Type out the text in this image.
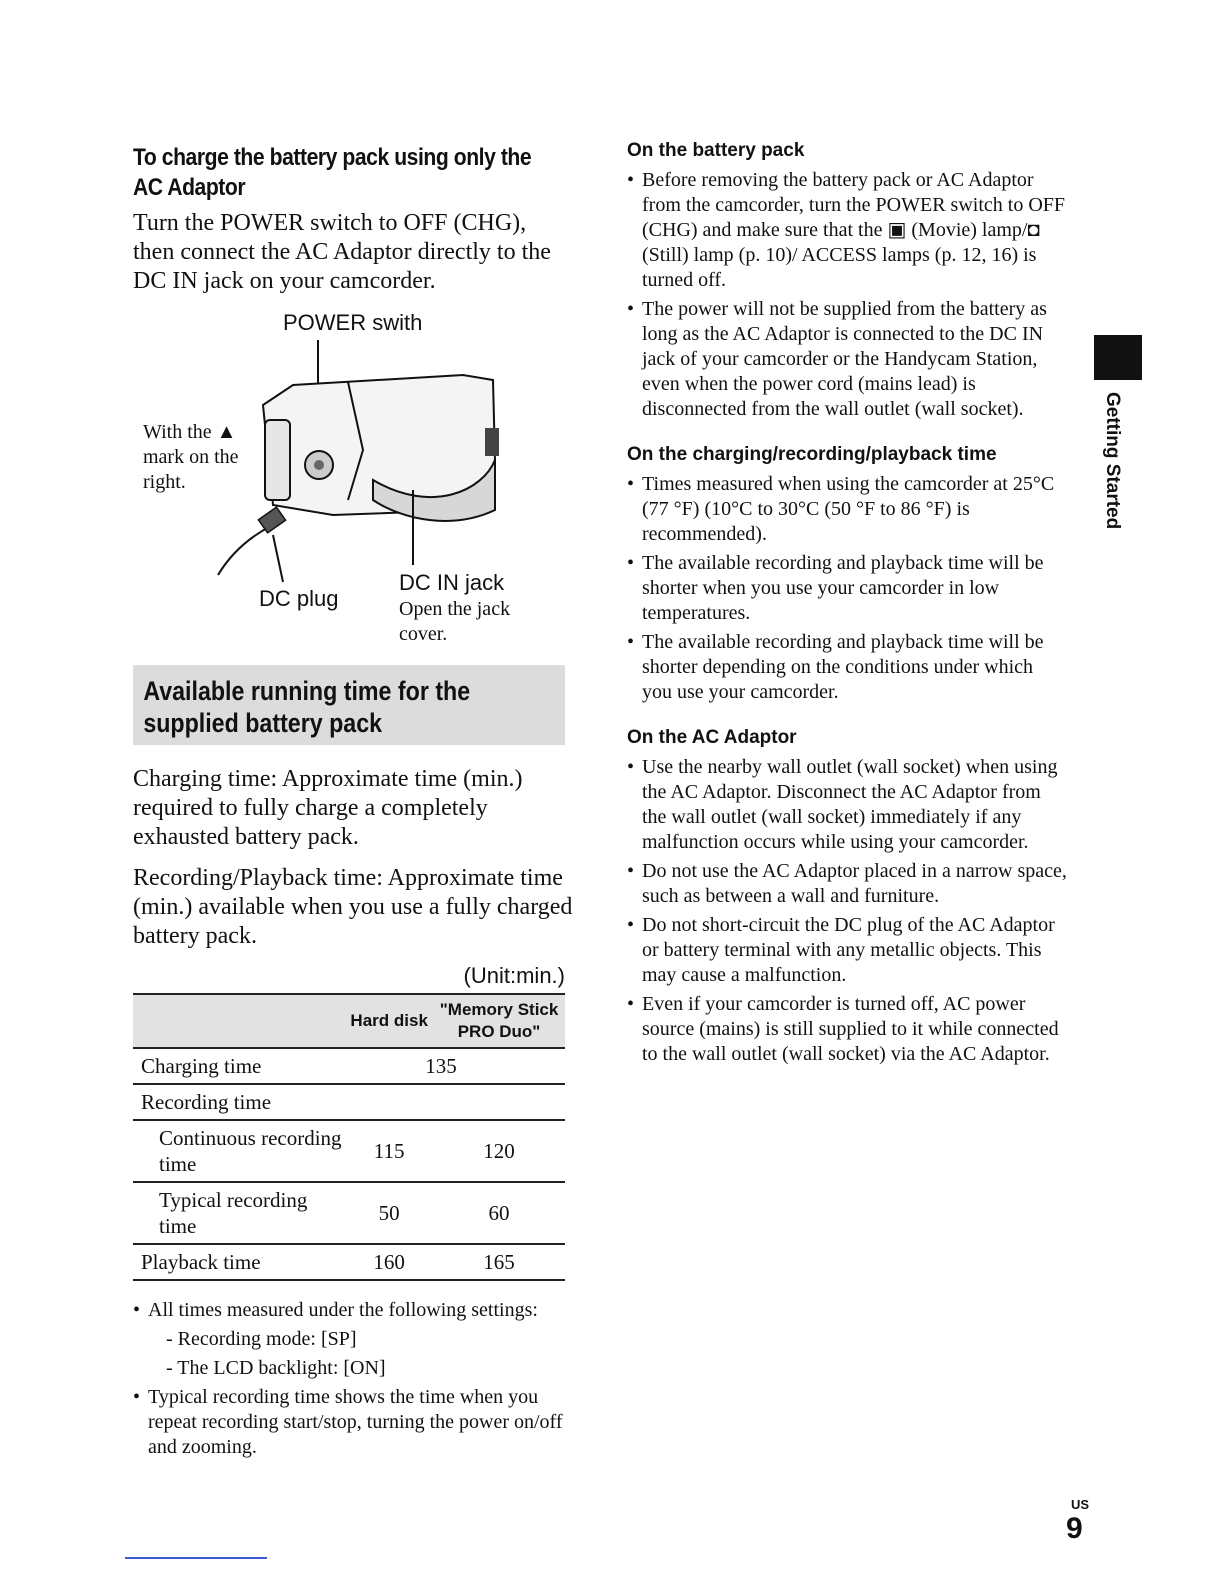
To charge the battery pack using only the AC Adaptor

Turn the POWER switch to OFF (CHG), then connect the AC Adaptor directly to the DC IN jack on your camcorder.

POWER swith
With the ▲ mark on the right.
DC plug
DC IN jack
Open the jack cover.
Available running time for the supplied battery pack

Charging time: Approximate time (min.) required to fully charge a completely exhausted battery pack.

Recording/Playback time: Approximate time (min.) available when you use a fully charged battery pack.

(Unit:min.)
	Hard disk	"Memory Stick PRO Duo"
Charging time	135	
Recording time		
Continuous recording time	115	120
Typical recording time	50	60
Playback time	160	165
• All times measured under the following settings:
- Recording mode: [SP]
- The LCD backlight: [ON]
• Typical recording time shows the time when you repeat recording start/stop, turning the power on/off and zooming.
On the battery pack
• Before removing the battery pack or AC Adaptor from the camcorder, turn the POWER switch to OFF (CHG) and make sure that the ▣ (Movie) lamp/◘ (Still) lamp (p. 10)/ ACCESS lamps (p. 12, 16) is turned off.
• The power will not be supplied from the battery as long as the AC Adaptor is connected to the DC IN jack of your camcorder or the Handycam Station, even when the power cord (mains lead) is disconnected from the wall outlet (wall socket).
On the charging/recording/playback time
• Times measured when using the camcorder at 25°C (77 °F) (10°C to 30°C (50 °F to 86 °F) is recommended).
• The available recording and playback time will be shorter when you use your camcorder in low temperatures.
• The available recording and playback time will be shorter depending on the conditions under which you use your camcorder.
On the AC Adaptor
• Use the nearby wall outlet (wall socket) when using the AC Adaptor. Disconnect the AC Adaptor from the wall outlet (wall socket) immediately if any malfunction occurs while using your camcorder.
• Do not use the AC Adaptor placed in a narrow space, such as between a wall and furniture.
• Do not short-circuit the DC plug of the AC Adaptor or battery terminal with any metallic objects. This may cause a malfunction.
• Even if your camcorder is turned off, AC power source (mains) is still supplied to it while connected to the wall outlet (wall socket) via the AC Adaptor.
Getting Started
US
9
